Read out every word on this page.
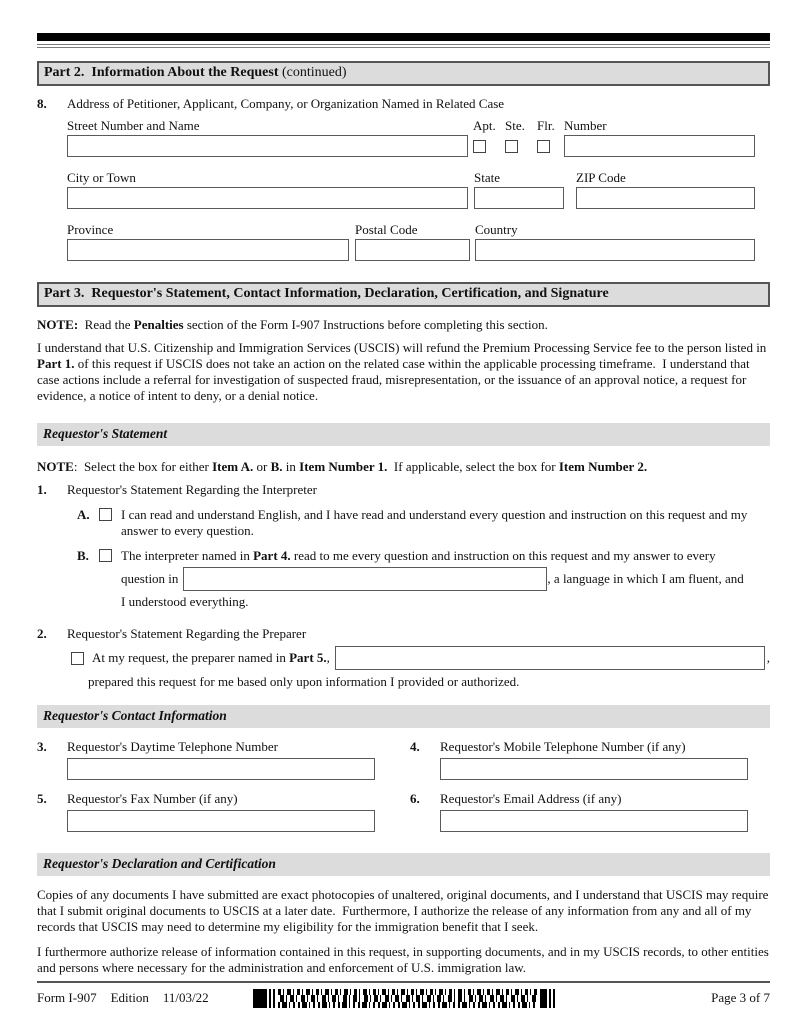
Part 2.  Information About the Request (continued)
8.	Address of Petitioner, Applicant, Company, or Organization Named in Related Case
Street Number and Name	Apt. Ste. Flr. Number
City or Town	State	ZIP Code
Province	Postal Code	Country
Part 3.  Requestor's Statement, Contact Information, Declaration, Certification, and Signature
NOTE:  Read the Penalties section of the Form I-907 Instructions before completing this section.
I understand that U.S. Citizenship and Immigration Services (USCIS) will refund the Premium Processing Service fee to the person listed in Part 1. of this request if USCIS does not take an action on the related case within the applicable processing timeframe.  I understand that case actions include a referral for investigation of suspected fraud, misrepresentation, or the issuance of an approval notice, a request for evidence, a notice of intent to deny, or a denial notice.
Requestor's Statement
NOTE:  Select the box for either Item A. or B. in Item Number 1.  If applicable, select the box for Item Number 2.
1.	Requestor's Statement Regarding the Interpreter
A.	I can read and understand English, and I have read and understand every question and instruction on this request and my answer to every question.
B.	The interpreter named in Part 4. read to me every question and instruction on this request and my answer to every
question in	, a language in which I am fluent, and
I understood everything.
2.	Requestor's Statement Regarding the Preparer
At my request, the preparer named in Part 5.,	,
prepared this request for me based only upon information I provided or authorized.
Requestor's Contact Information
3.	Requestor's Daytime Telephone Number	4.	Requestor's Mobile Telephone Number (if any)
5.	Requestor's Fax Number (if any)	6.	Requestor's Email Address (if any)
Requestor's Declaration and Certification
Copies of any documents I have submitted are exact photocopies of unaltered, original documents, and I understand that USCIS may require that I submit original documents to USCIS at a later date.  Furthermore, I authorize the release of any information from any and all of my records that USCIS may need to determine my eligibility for the immigration benefit that I seek.
I furthermore authorize release of information contained in this request, in supporting documents, and in my USCIS records, to other entities and persons where necessary for the administration and enforcement of U.S. immigration law.
Form I-907 Edition 11/03/22	Page 3 of 7
